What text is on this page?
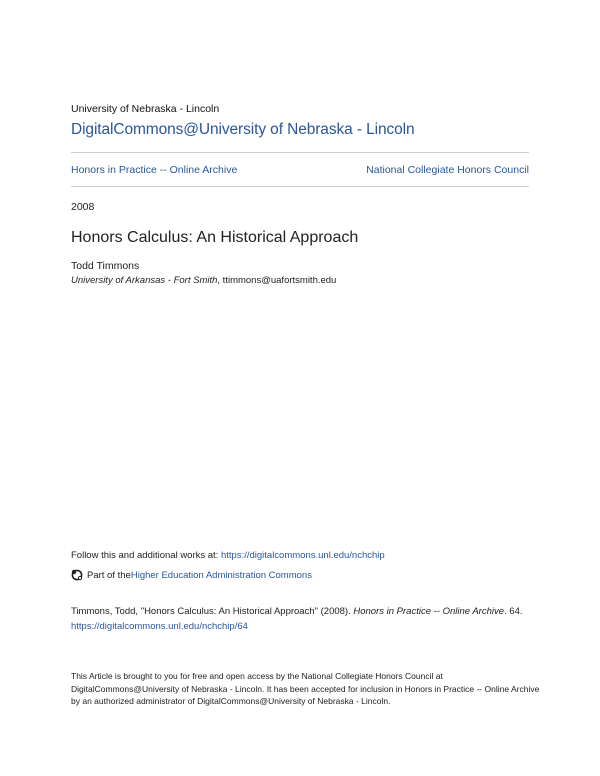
University of Nebraska - Lincoln
DigitalCommons@University of Nebraska - Lincoln
Honors in Practice -- Online Archive	National Collegiate Honors Council
2008
Honors Calculus: An Historical Approach
Todd Timmons
University of Arkansas - Fort Smith, ttimmons@uafortsmith.edu
Follow this and additional works at: https://digitalcommons.unl.edu/nchchip
Part of the Higher Education Administration Commons
Timmons, Todd, "Honors Calculus: An Historical Approach" (2008). Honors in Practice -- Online Archive. 64.
https://digitalcommons.unl.edu/nchchip/64
This Article is brought to you for free and open access by the National Collegiate Honors Council at DigitalCommons@University of Nebraska - Lincoln. It has been accepted for inclusion in Honors in Practice -- Online Archive by an authorized administrator of DigitalCommons@University of Nebraska - Lincoln.
